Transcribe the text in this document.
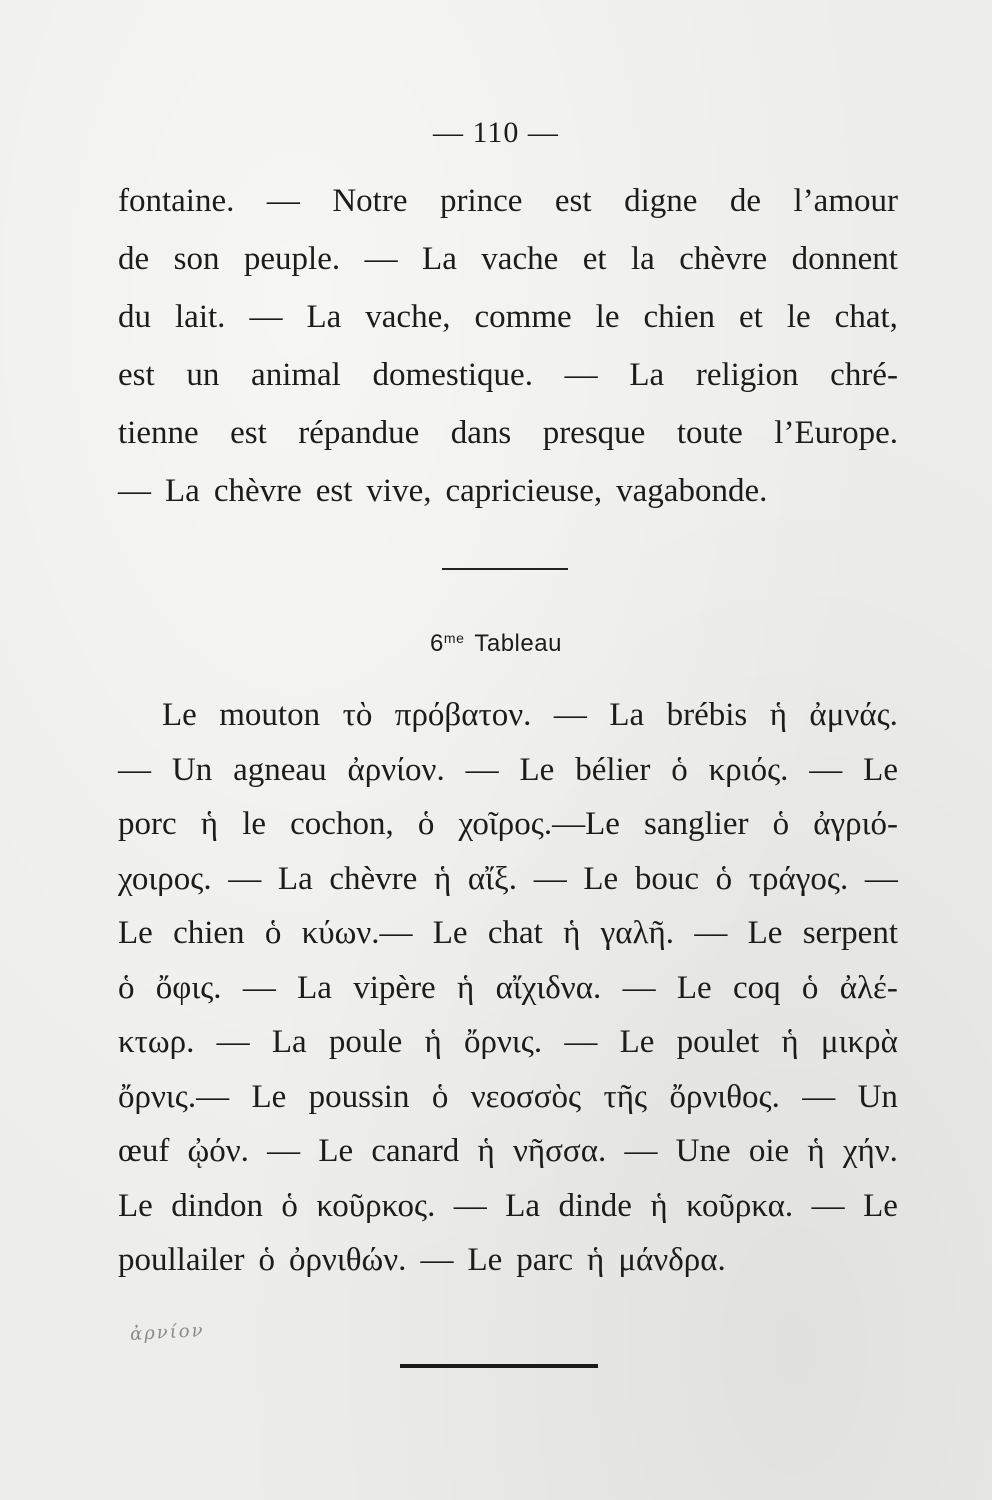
— 110 —
fontaine. — Notre prince est digne de l’amour
de son peuple. — La vache et la chèvre donnent
du lait. — La vache, comme le chien et le chat,
est un animal domestique. — La religion chré-
tienne est répandue dans presque toute l’Europe.
— La chèvre est vive, capricieuse, vagabonde.
$6^{me}$ Tableau
Le mouton τὸ πρόβατον. — La brébis ἡ ἀμνάς.
— Un agneau ἀρνίον. — Le bélier ὁ κριός. — Le
porc ἡ le cochon, ὁ χοῖρος.—Le sanglier ὁ ἀγριό-
χοιρος. — La chèvre ἡ αἴξ. — Le bouc ὁ τράγος. —
Le chien ὁ κύων.— Le chat ἡ γαλῆ. — Le serpent
ὁ ὄφις. — La vipère ἡ αἴχιδνα. — Le coq ὁ ἀλέ-
κτωρ. — La poule ἡ ὄρνις. — Le poulet ἡ μικρὰ
ὄρνις.— Le poussin ὁ νεοσσὸς τῆς ὄρνιθος. — Un
œuf ᾠόν. — Le canard ἡ νῆσσα. — Une oie ἡ χήν.
Le dindon ὁ κοῦρκος. — La dinde ἡ κοῦρκα. — Le
poullailer ὁ ὀρνιθών. — Le parc ἡ μάνδρα.
ἀρνίον
